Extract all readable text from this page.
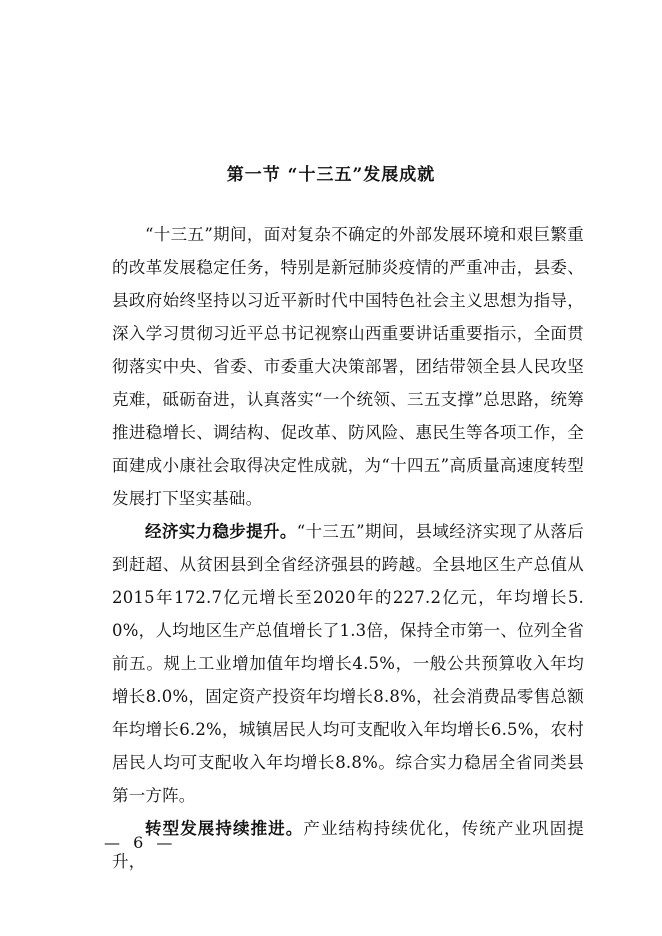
第一节 “十三五”发展成就

“十三五”期间，面对复杂不确定的外部发展环境和艰巨繁重的改革发展稳定任务，特别是新冠肺炎疫情的严重冲击，县委、县政府始终坚持以习近平新时代中国特色社会主义思想为指导，深入学习贯彻习近平总书记视察山西重要讲话重要指示，全面贯彻落实中央、省委、市委重大决策部署，团结带领全县人民攻坚克难，砥砺奋进，认真落实“一个统领、三五支撑”总思路，统筹推进稳增长、调结构、促改革、防风险、惠民生等各项工作，全面建成小康社会取得决定性成就，为“十四五”高质量高速度转型发展打下坚实基础。

经济实力稳步提升。“十三五”期间，县域经济实现了从落后到赶超、从贫困县到全省经济强县的跨越。全县地区生产总值从2015年172.7亿元增长至2020年的227.2亿元，年均增长5.0%，人均地区生产总值增长了1.3倍，保持全市第一、位列全省前五。规上工业增加值年均增长4.5%，一般公共预算收入年均增长8.0%，固定资产投资年均增长8.8%，社会消费品零售总额年均增长6.2%，城镇居民人均可支配收入年均增长6.5%，农村居民人均可支配收入年均增长8.8%。综合实力稳居全省同类县第一方阵。

转型发展持续推进。产业结构持续优化，传统产业巩固提升，

— 6 —
